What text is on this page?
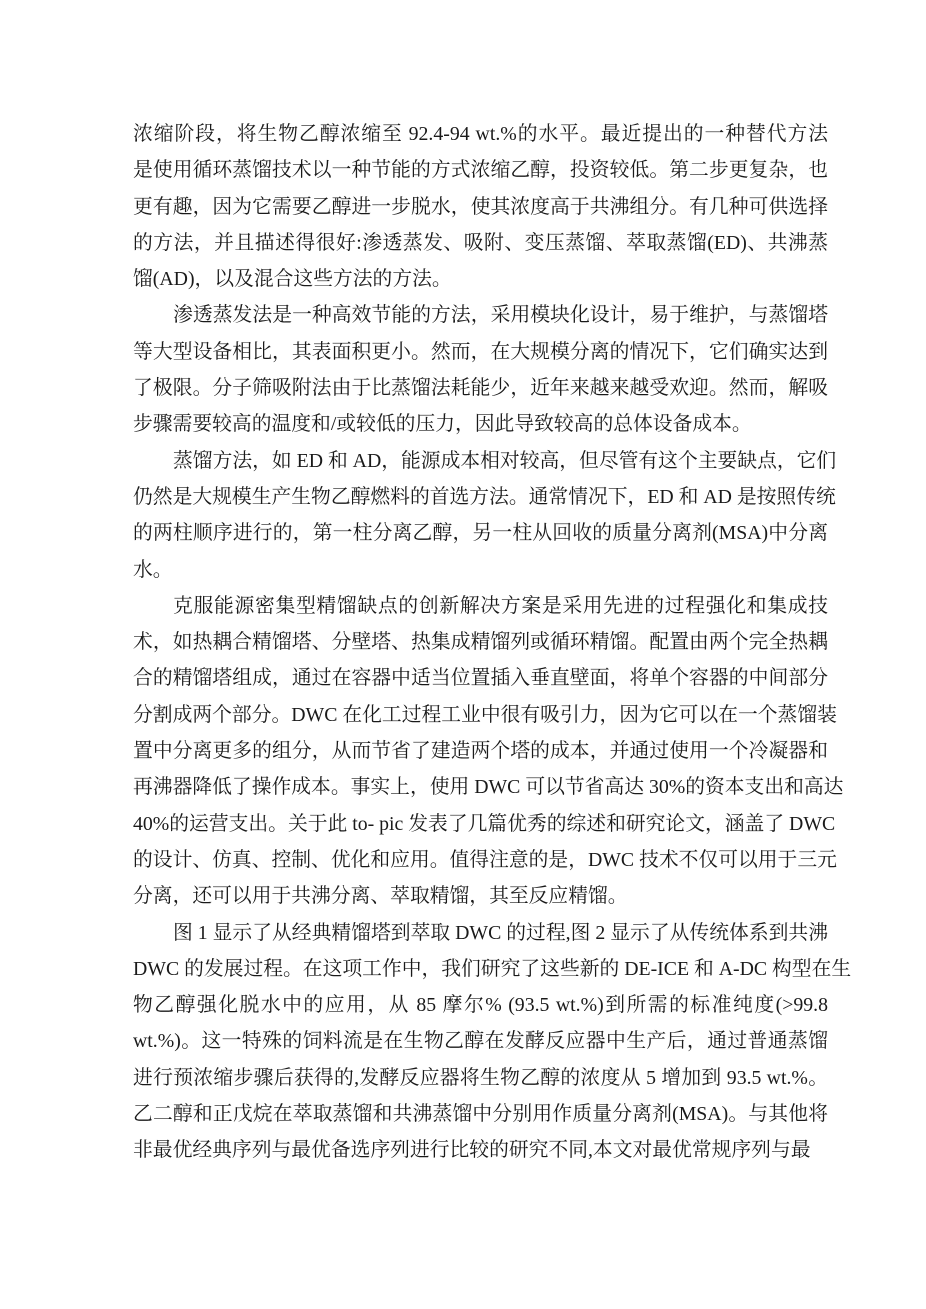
浓缩阶段，将生物乙醇浓缩至 92.4-94 wt.%的水平。最近提出的一种替代方法
是使用循环蒸馏技术以一种节能的方式浓缩乙醇，投资较低。第二步更复杂，也
更有趣，因为它需要乙醇进一步脱水，使其浓度高于共沸组分。有几种可供选择
的方法，并且描述得很好:渗透蒸发、吸附、变压蒸馏、萃取蒸馏(ED)、共沸蒸
馏(AD)，以及混合这些方法的方法。
渗透蒸发法是一种高效节能的方法，采用模块化设计，易于维护，与蒸馏塔
等大型设备相比，其表面积更小。然而，在大规模分离的情况下，它们确实达到
了极限。分子筛吸附法由于比蒸馏法耗能少，近年来越来越受欢迎。然而，解吸
步骤需要较高的温度和/或较低的压力，因此导致较高的总体设备成本。
蒸馏方法，如 ED 和 AD，能源成本相对较高，但尽管有这个主要缺点，它们
仍然是大规模生产生物乙醇燃料的首选方法。通常情况下，ED 和 AD 是按照传统
的两柱顺序进行的，第一柱分离乙醇，另一柱从回收的质量分离剂(MSA)中分离
水。
克服能源密集型精馏缺点的创新解决方案是采用先进的过程强化和集成技
术，如热耦合精馏塔、分壁塔、热集成精馏列或循环精馏。配置由两个完全热耦
合的精馏塔组成，通过在容器中适当位置插入垂直壁面，将单个容器的中间部分
分割成两个部分。DWC 在化工过程工业中很有吸引力，因为它可以在一个蒸馏装
置中分离更多的组分，从而节省了建造两个塔的成本，并通过使用一个冷凝器和
再沸器降低了操作成本。事实上，使用 DWC 可以节省高达 30%的资本支出和高达
40%的运营支出。关于此 to- pic 发表了几篇优秀的综述和研究论文，涵盖了 DWC
的设计、仿真、控制、优化和应用。值得注意的是，DWC 技术不仅可以用于三元
分离，还可以用于共沸分离、萃取精馏，其至反应精馏。
图 1 显示了从经典精馏塔到萃取 DWC 的过程,图 2 显示了从传统体系到共沸
DWC 的发展过程。在这项工作中，我们研究了这些新的 DE-ICE 和 A-DC 构型在生
物乙醇强化脱水中的应用，从 85 摩尔% (93.5 wt.%)到所需的标准纯度(>99.8
wt.%)。这一特殊的饲料流是在生物乙醇在发酵反应器中生产后，通过普通蒸馏
进行预浓缩步骤后获得的,发酵反应器将生物乙醇的浓度从 5 增加到 93.5 wt.%。
乙二醇和正戊烷在萃取蒸馏和共沸蒸馏中分别用作质量分离剂(MSA)。与其他将
非最优经典序列与最优备选序列进行比较的研究不同,本文对最优常规序列与最
